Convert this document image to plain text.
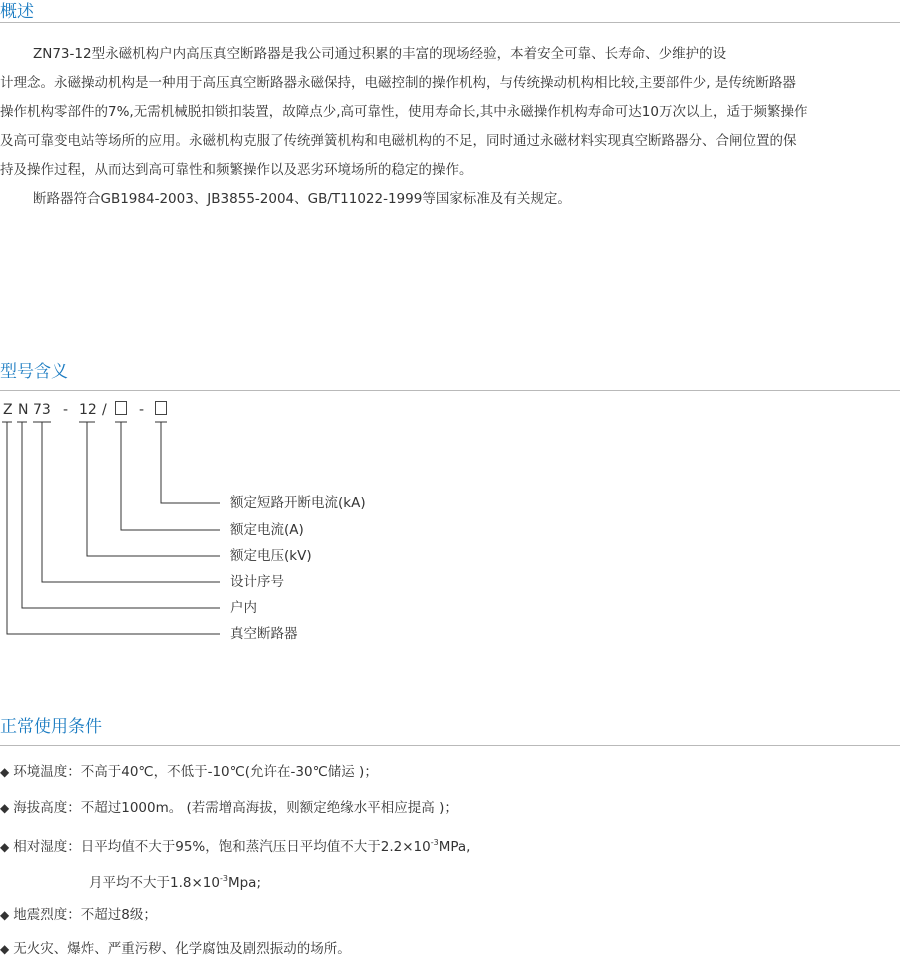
概述

ZN73-12型永磁机构户内高压真空断路器是我公司通过积累的丰富的现场经验，本着安全可靠、长寿命、少维护的设

计理念。永磁操动机构是一种用于高压真空断路器永磁保持，电磁控制的操作机构，与传统操动机构相比较,主要部件少, 是传统断路器

操作机构零部件的7%,无需机械脱扣锁扣装置，故障点少,高可靠性，使用寿命长,其中永磁操作机构寿命可达10万次以上，适于频繁操作

及高可靠变电站等场所的应用。永磁机构克服了传统弹簧机构和电磁机构的不足，同时通过永磁材料实现真空断路器分、合闸位置的保

持及操作过程，从而达到高可靠性和频繁操作以及恶劣环境场所的稳定的操作。

断路器符合GB1984-2003、JB3855-2004、GB/T11022-1999等国家标准及有关规定。

型号含义
Z N 73 - 12 / -
额定短路开断电流(kA)
额定电流(A)
额定电压(kV)
设计序号
户内
真空断路器
正常使用条件
◆ 环境温度：不高于40℃，不低于-10℃(允许在-30℃储运 )；
◆ 海拔高度：不超过1000m。 (若需增高海拔，则额定绝缘水平相应提高 )；
◆ 相对湿度：日平均值不大于95%，饱和蒸汽压日平均值不大于$2.2\times 10^{-3}MPa$,
月平均不大于$1.8\times 10^{-3}Mpa$;
◆ 地震烈度：不超过8级；
◆ 无火灾、爆炸、严重污秽、化学腐蚀及剧烈振动的场所。
